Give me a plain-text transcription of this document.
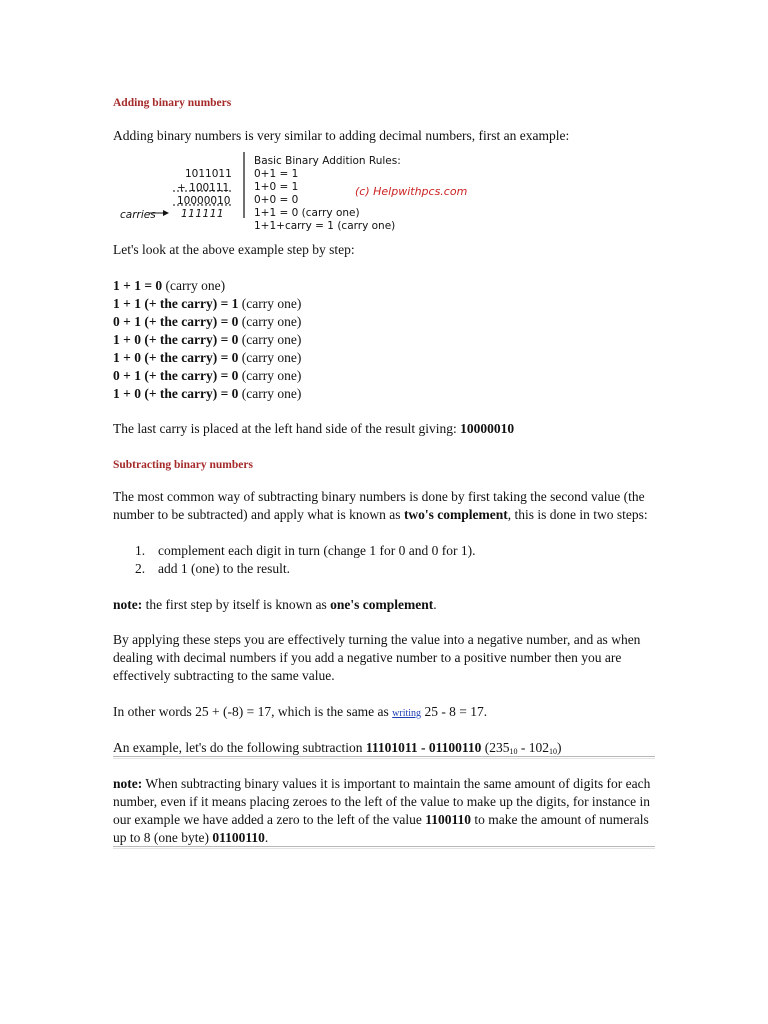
Adding binary numbers
Adding binary numbers is very similar to adding decimal numbers, first an example:
1011011
+ 100111
10000010
carries 111111
Basic Binary Addition Rules:
0+1 = 1
1+0 = 1
0+0 = 0
1+1 = 0 (carry one)
1+1+carry = 1 (carry one)
(c) Helpwithpcs.com
Let's look at the above example step by step:
1 + 1 = 0 (carry one)
1 + 1 (+ the carry) = 1 (carry one)
0 + 1 (+ the carry) = 0 (carry one)
1 + 0 (+ the carry) = 0 (carry one)
1 + 0 (+ the carry) = 0 (carry one)
0 + 1 (+ the carry) = 0 (carry one)
1 + 0 (+ the carry) = 0 (carry one)
The last carry is placed at the left hand side of the result giving: 10000010
Subtracting binary numbers
The most common way of subtracting binary numbers is done by first taking the second value (the number to be subtracted) and apply what is known as two's complement, this is done in two steps:
1. complement each digit in turn (change 1 for 0 and 0 for 1).
2. add 1 (one) to the result.
note: the first step by itself is known as one's complement.
By applying these steps you are effectively turning the value into a negative number, and as when dealing with decimal numbers if you add a negative number to a positive number then you are effectively subtracting to the same value.
In other words 25 + (-8) = 17, which is the same as writing 25 - 8 = 17.
An example, let's do the following subtraction 11101011 - 01100110 $(235_{10} - 102_{10})$
note: When subtracting binary values it is important to maintain the same amount of digits for each number, even if it means placing zeroes to the left of the value to make up the digits, for instance in our example we have added a zero to the left of the value 1100110 to make the amount of numerals up to 8 (one byte) 01100110.
